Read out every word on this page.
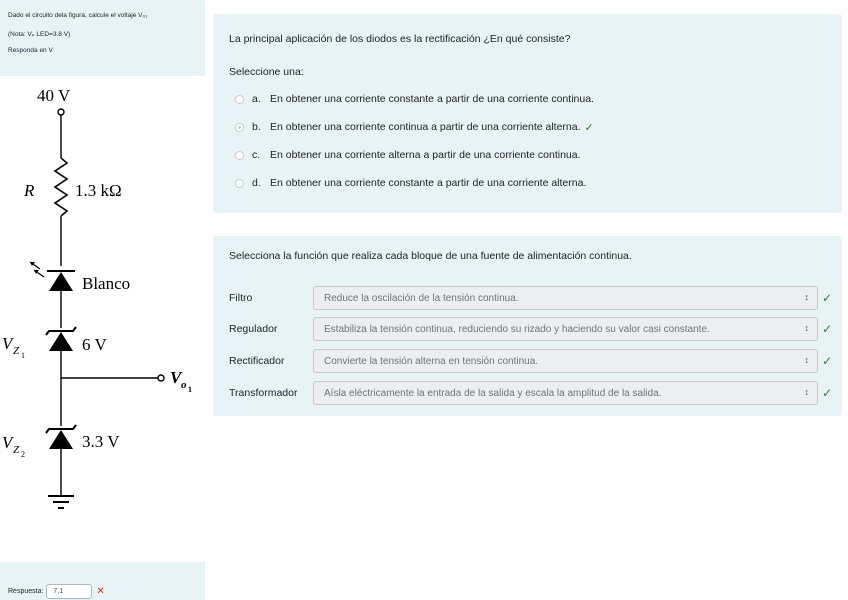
Dado el circuito dela figura, calcule el voltaje V₀₁
(Nota: Vₚ LED=3.8 V)
Responda en V
40 V
R 1.3 kΩ
Blanco
V Z 1
6 V
V o 1
V Z 2
3.3 V
Respuesta:
7,1	✕
La principal aplicación de los diodos es la rectificación ¿En qué consiste?
Seleccione una:
a. En obtener una corriente constante a partir de una corriente continua.
b. En obtener una corriente continua a partir de una corriente alterna. ✓
c. En obtener una corriente alterna a partir de una corriente continua.
d. En obtener una corriente constante a partir de una corriente alterna.
Selecciona la función que realiza cada bloque de una fuente de alimentación continua.
Filtro	Reduce la oscilación de la tensión continua.	↕ ✓
Regulador	Estabiliza la tensión continua, reduciendo su rizado y haciendo su valor casi constante.	↕ ✓
Rectificador	Convierte la tensión alterna en tensión continua.	↕ ✓
Transformador	Aísla eléctricamente la entrada de la salida y escala la amplitud de la salida.	↕ ✓
